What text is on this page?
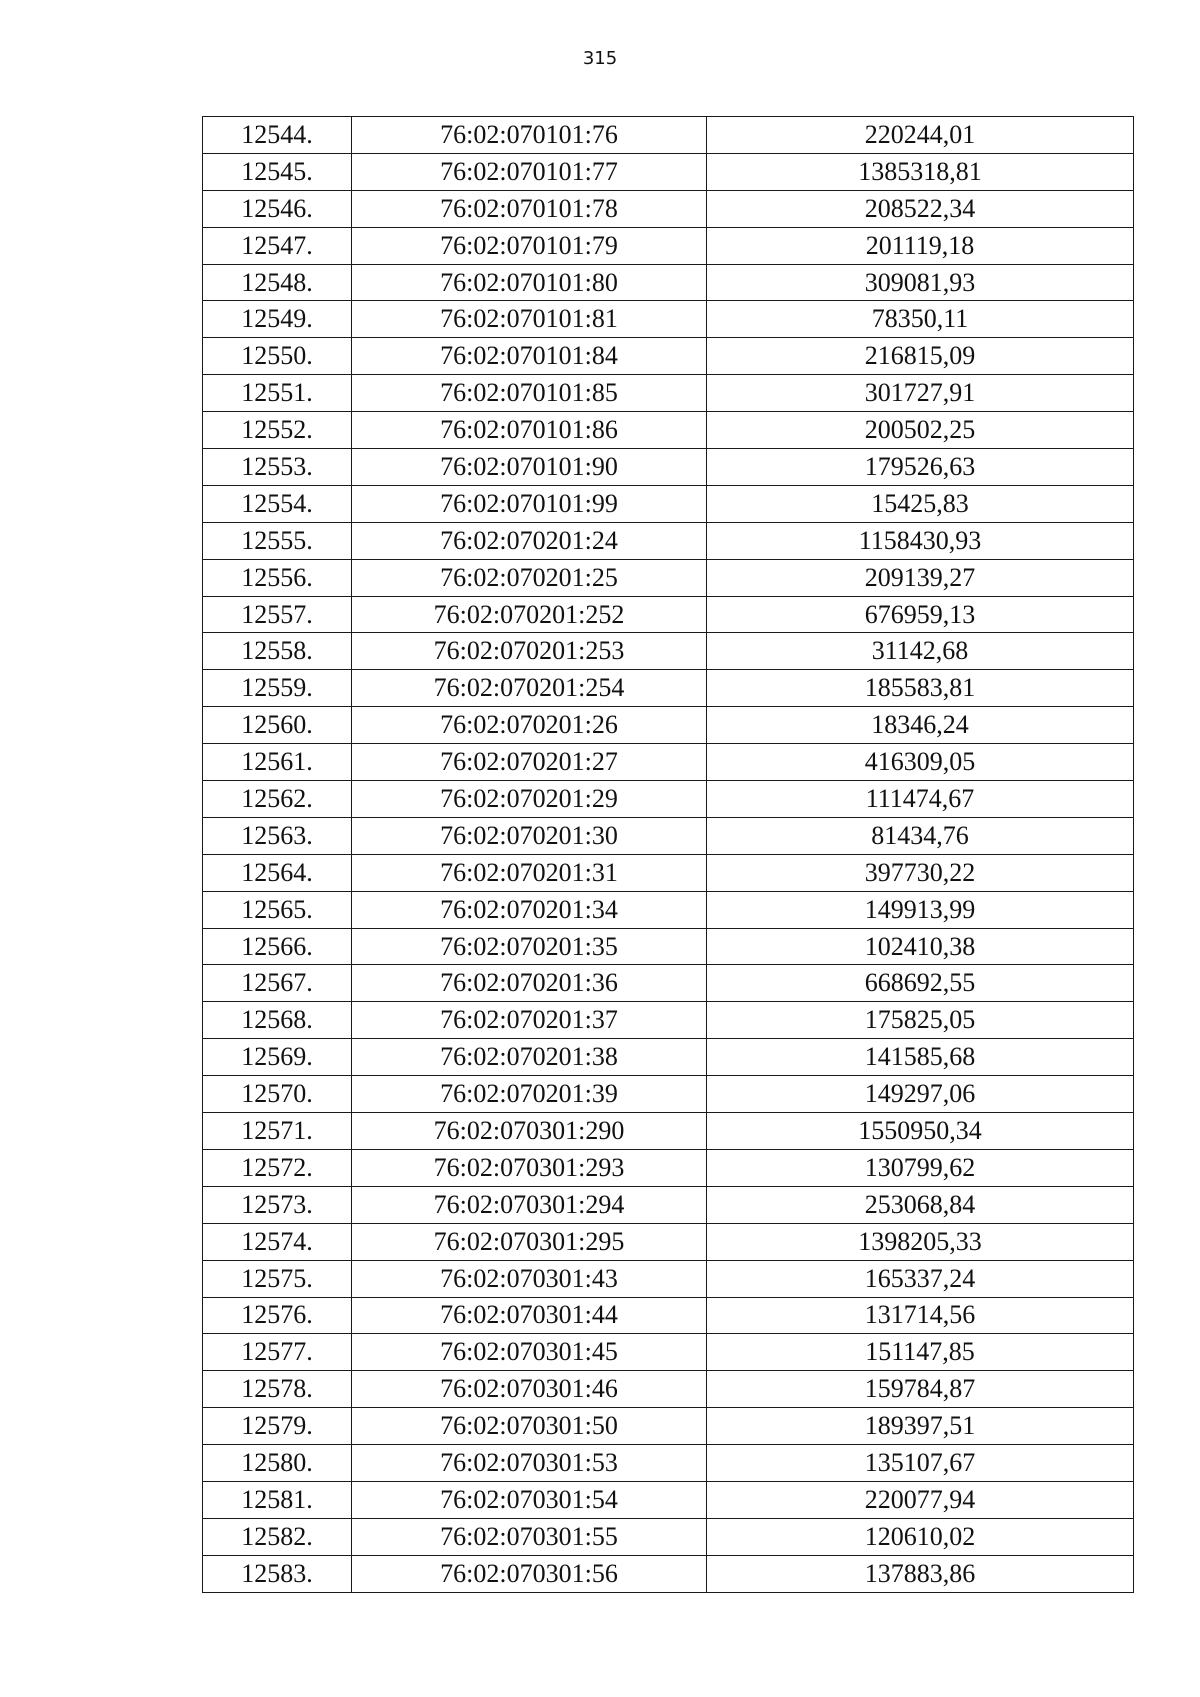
315
12544.	76:02:070101:76	220244,01
12545.	76:02:070101:77	1385318,81
12546.	76:02:070101:78	208522,34
12547.	76:02:070101:79	201119,18
12548.	76:02:070101:80	309081,93
12549.	76:02:070101:81	78350,11
12550.	76:02:070101:84	216815,09
12551.	76:02:070101:85	301727,91
12552.	76:02:070101:86	200502,25
12553.	76:02:070101:90	179526,63
12554.	76:02:070101:99	15425,83
12555.	76:02:070201:24	1158430,93
12556.	76:02:070201:25	209139,27
12557.	76:02:070201:252	676959,13
12558.	76:02:070201:253	31142,68
12559.	76:02:070201:254	185583,81
12560.	76:02:070201:26	18346,24
12561.	76:02:070201:27	416309,05
12562.	76:02:070201:29	111474,67
12563.	76:02:070201:30	81434,76
12564.	76:02:070201:31	397730,22
12565.	76:02:070201:34	149913,99
12566.	76:02:070201:35	102410,38
12567.	76:02:070201:36	668692,55
12568.	76:02:070201:37	175825,05
12569.	76:02:070201:38	141585,68
12570.	76:02:070201:39	149297,06
12571.	76:02:070301:290	1550950,34
12572.	76:02:070301:293	130799,62
12573.	76:02:070301:294	253068,84
12574.	76:02:070301:295	1398205,33
12575.	76:02:070301:43	165337,24
12576.	76:02:070301:44	131714,56
12577.	76:02:070301:45	151147,85
12578.	76:02:070301:46	159784,87
12579.	76:02:070301:50	189397,51
12580.	76:02:070301:53	135107,67
12581.	76:02:070301:54	220077,94
12582.	76:02:070301:55	120610,02
12583.	76:02:070301:56	137883,86
